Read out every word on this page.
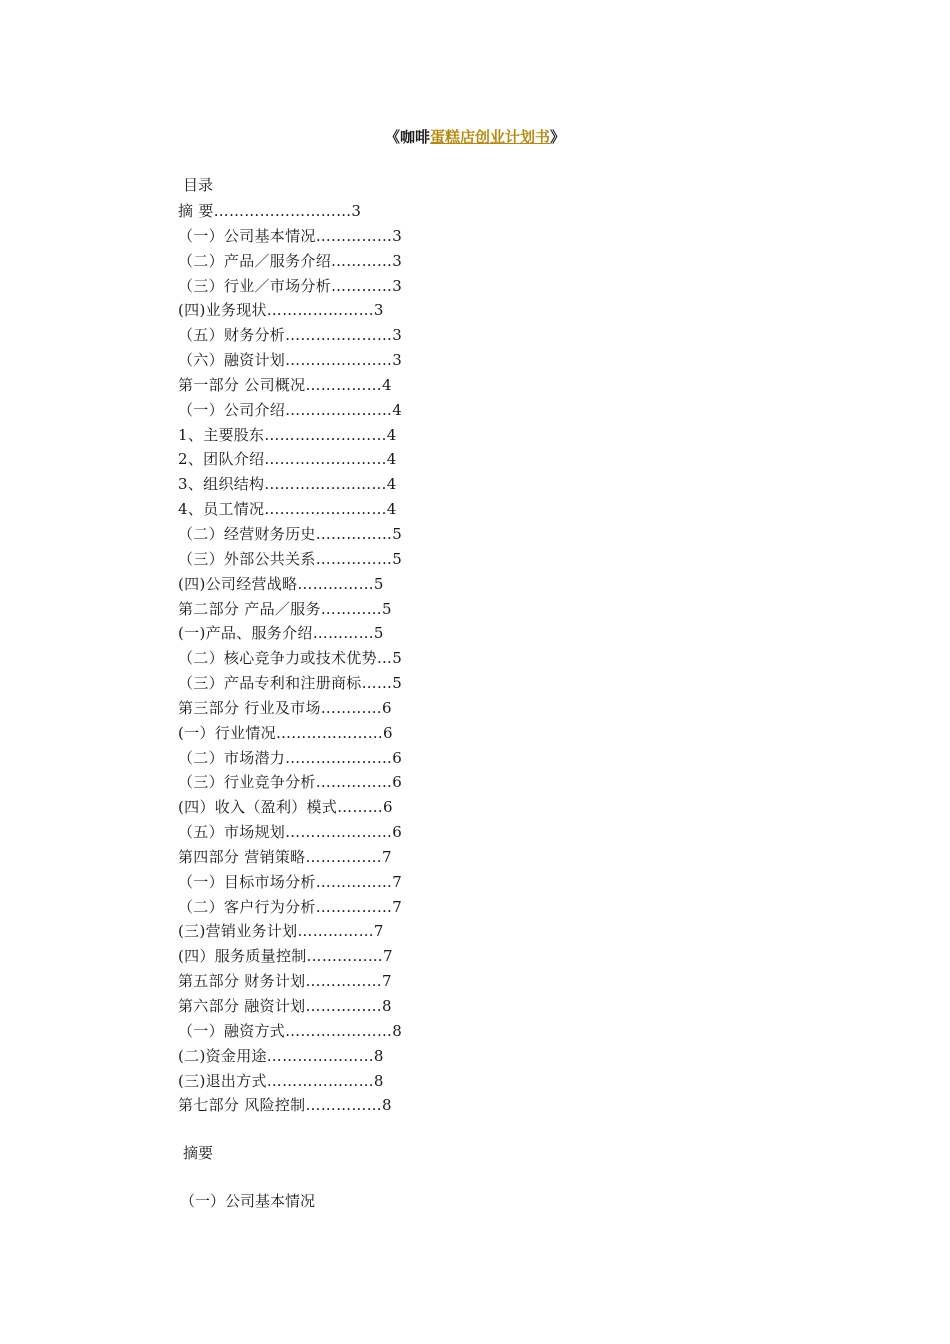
《咖啡蛋糕店创业计划书》
目录
摘 要………………………3
（一）公司基本情况……………3
（二）产品／服务介绍…………3
（三）行业／市场分析…………3
(四)业务现状…………………3
（五）财务分析…………………3
（六）融资计划…………………3
第一部分 公司概况……………4
（一）公司介绍…………………4
1、主要股东……………………4
2、团队介绍……………………4
3、组织结构……………………4
4、员工情况……………………4
（二）经营财务历史……………5
（三）外部公共关系……………5
(四)公司经营战略……………5
第二部分 产品／服务…………5
(一)产品、服务介绍…………5
（二）核心竞争力或技术优势…5
（三）产品专利和注册商标……5
第三部分 行业及市场…………6
(一）行业情况…………………6
（二）市场潜力…………………6
（三）行业竞争分析……………6
(四）收入（盈利）模式………6
（五）市场规划…………………6
第四部分 营销策略……………7
（一）目标市场分析……………7
（二）客户行为分析……………7
(三)营销业务计划……………7
(四）服务质量控制……………7
第五部分 财务计划……………7
第六部分 融资计划……………8
（一）融资方式…………………8
(二)资金用途…………………8
(三)退出方式…………………8
第七部分 风险控制……………8
摘要
（一）公司基本情况
